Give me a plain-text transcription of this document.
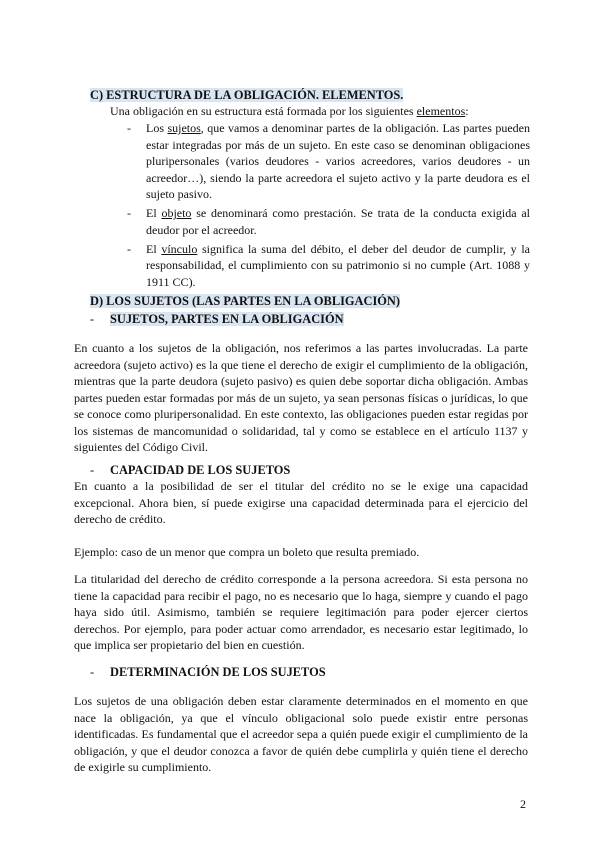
C) ESTRUCTURA DE LA OBLIGACIÓN. ELEMENTOS.
Una obligación en su estructura está formada por los siguientes elementos:
- Los sujetos, que vamos a denominar partes de la obligación. Las partes pueden estar integradas por más de un sujeto. En este caso se denominan obligaciones pluripersonales (varios deudores - varios acreedores, varios deudores - un acreedor…), siendo la parte acreedora el sujeto activo y la parte deudora es el sujeto pasivo.
- El objeto se denominará como prestación. Se trata de la conducta exigida al deudor por el acreedor.
- El vínculo significa la suma del débito, el deber del deudor de cumplir, y la responsabilidad, el cumplimiento con su patrimonio si no cumple (Art. 1088 y 1911 CC).
D) LOS SUJETOS (LAS PARTES EN LA OBLIGACIÓN)
- SUJETOS, PARTES EN LA OBLIGACIÓN
En cuanto a los sujetos de la obligación, nos referimos a las partes involucradas. La parte acreedora (sujeto activo) es la que tiene el derecho de exigir el cumplimiento de la obligación, mientras que la parte deudora (sujeto pasivo) es quien debe soportar dicha obligación. Ambas partes pueden estar formadas por más de un sujeto, ya sean personas físicas o jurídicas, lo que se conoce como pluripersonalidad. En este contexto, las obligaciones pueden estar regidas por los sistemas de mancomunidad o solidaridad, tal y como se establece en el artículo 1137 y siguientes del Código Civil.
- CAPACIDAD DE LOS SUJETOS
En cuanto a la posibilidad de ser el titular del crédito no se le exige una capacidad excepcional. Ahora bien, sí puede exigirse una capacidad determinada para el ejercicio del derecho de crédito.
Ejemplo: caso de un menor que compra un boleto que resulta premiado.
La titularidad del derecho de crédito corresponde a la persona acreedora. Si esta persona no tiene la capacidad para recibir el pago, no es necesario que lo haga, siempre y cuando el pago haya sido útil. Asimismo, también se requiere legitimación para poder ejercer ciertos derechos. Por ejemplo, para poder actuar como arrendador, es necesario estar legitimado, lo que implica ser propietario del bien en cuestión.
- DETERMINACIÓN DE LOS SUJETOS
Los sujetos de una obligación deben estar claramente determinados en el momento en que nace la obligación, ya que el vínculo obligacional solo puede existir entre personas identificadas. Es fundamental que el acreedor sepa a quién puede exigir el cumplimiento de la obligación, y que el deudor conozca a favor de quién debe cumplirla y quién tiene el derecho de exigirle su cumplimiento.
2
